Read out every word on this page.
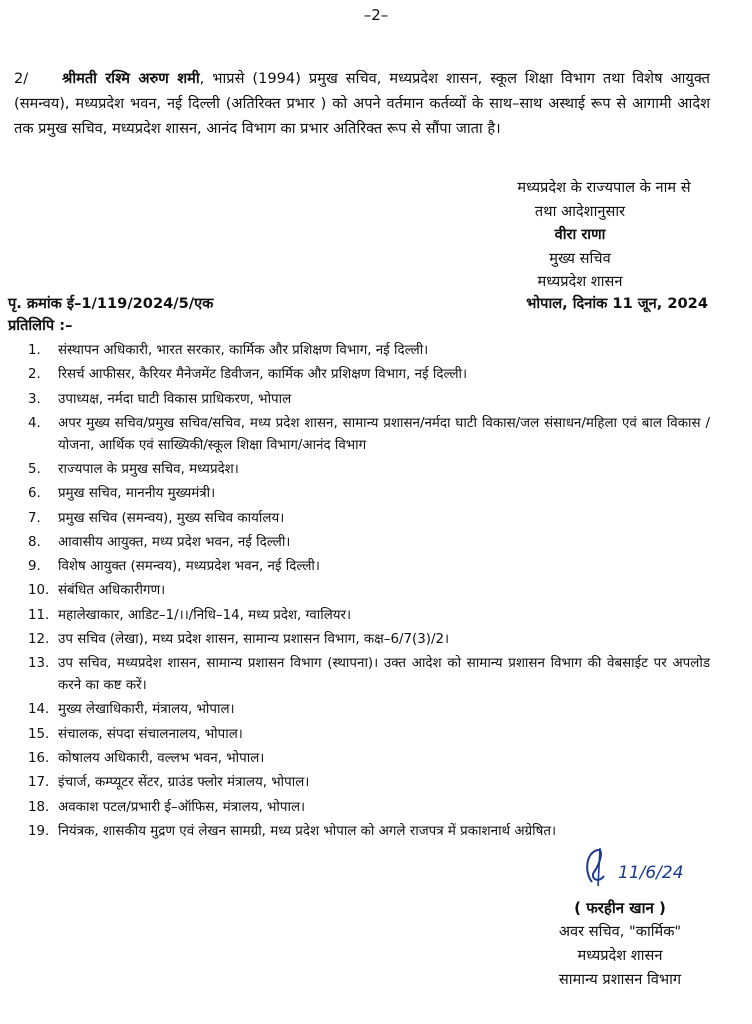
–2–
2/ श्रीमती रश्मि अरुण शमी, भाप्रसे (1994) प्रमुख सचिव, मध्यप्रदेश शासन, स्कूल शिक्षा विभाग तथा विशेष आयुक्त (समन्वय), मध्यप्रदेश भवन, नई दिल्ली (अतिरिक्त प्रभार ) को अपने वर्तमान कर्तव्यों के साथ–साथ अस्थाई रूप से आगामी आदेश तक प्रमुख सचिव, मध्यप्रदेश शासन, आनंद विभाग का प्रभार अतिरिक्त रूप से सौंपा जाता है।
मध्यप्रदेश के राज्यपाल के नाम से
तथा आदेशानुसार
वीरा राणा
मुख्य सचिव
मध्यप्रदेश शासन
पृ. क्रमांक ई–1/119/2024/5/एक	भोपाल, दिनांक 11 जून, 2024
प्रतिलिपि :–
1. संस्थापन अधिकारी, भारत सरकार, कार्मिक और प्रशिक्षण विभाग, नई दिल्ली।
2. रिसर्च आफीसर, कैरियर मैनेजमेंट डिवीजन, कार्मिक और प्रशिक्षण विभाग, नई दिल्ली।
3. उपाध्यक्ष, नर्मदा घाटी विकास प्राधिकरण, भोपाल
4. अपर मुख्य सचिव/प्रमुख सचिव/सचिव, मध्य प्रदेश शासन, सामान्य प्रशासन/नर्मदा घाटी विकास/जल संसाधन/महिला एवं बाल विकास /योजना, आर्थिक एवं साख्यिकी/स्कूल शिक्षा विभाग/आनंद विभाग
5. राज्यपाल के प्रमुख सचिव, मध्यप्रदेश।
6. प्रमुख सचिव, माननीय मुख्यमंत्री।
7. प्रमुख सचिव (समन्वय), मुख्य सचिव कार्यालय।
8. आवासीय आयुक्त, मध्य प्रदेश भवन, नई दिल्ली।
9. विशेष आयुक्त (समन्वय), मध्यप्रदेश भवन, नई दिल्ली।
10. संबंधित अधिकारीगण।
11. महालेखाकार, आडिट–1/।।/निधि–14, मध्य प्रदेश, ग्वालियर।
12. उप सचिव (लेखा), मध्य प्रदेश शासन, सामान्य प्रशासन विभाग, कक्ष–6/7(3)/2।
13. उप सचिव, मध्यप्रदेश शासन, सामान्य प्रशासन विभाग (स्थापना)। उक्त आदेश को सामान्य प्रशासन विभाग की वेबसाईट पर अपलोड करने का कष्ट करें।
14. मुख्य लेखाधिकारी, मंत्रालय, भोपाल।
15. संचालक, संपदा संचालनालय, भोपाल।
16. कोषालय अधिकारी, वल्लभ भवन, भोपाल।
17. इंचार्ज, कम्प्यूटर सेंटर, ग्राउंड फ्लोर मंत्रालय, भोपाल।
18. अवकाश पटल/प्रभारी ई–ऑफिस, मंत्रालय, भोपाल।
19. नियंत्रक, शासकीय मुद्रण एवं लेखन सामग्री, मध्य प्रदेश भोपाल को अगले राजपत्र में प्रकाशनार्थ अग्रेषित।
11/6/24
( फरहीन खान )
अवर सचिव, "कार्मिक"
मध्यप्रदेश शासन
सामान्य प्रशासन विभाग
